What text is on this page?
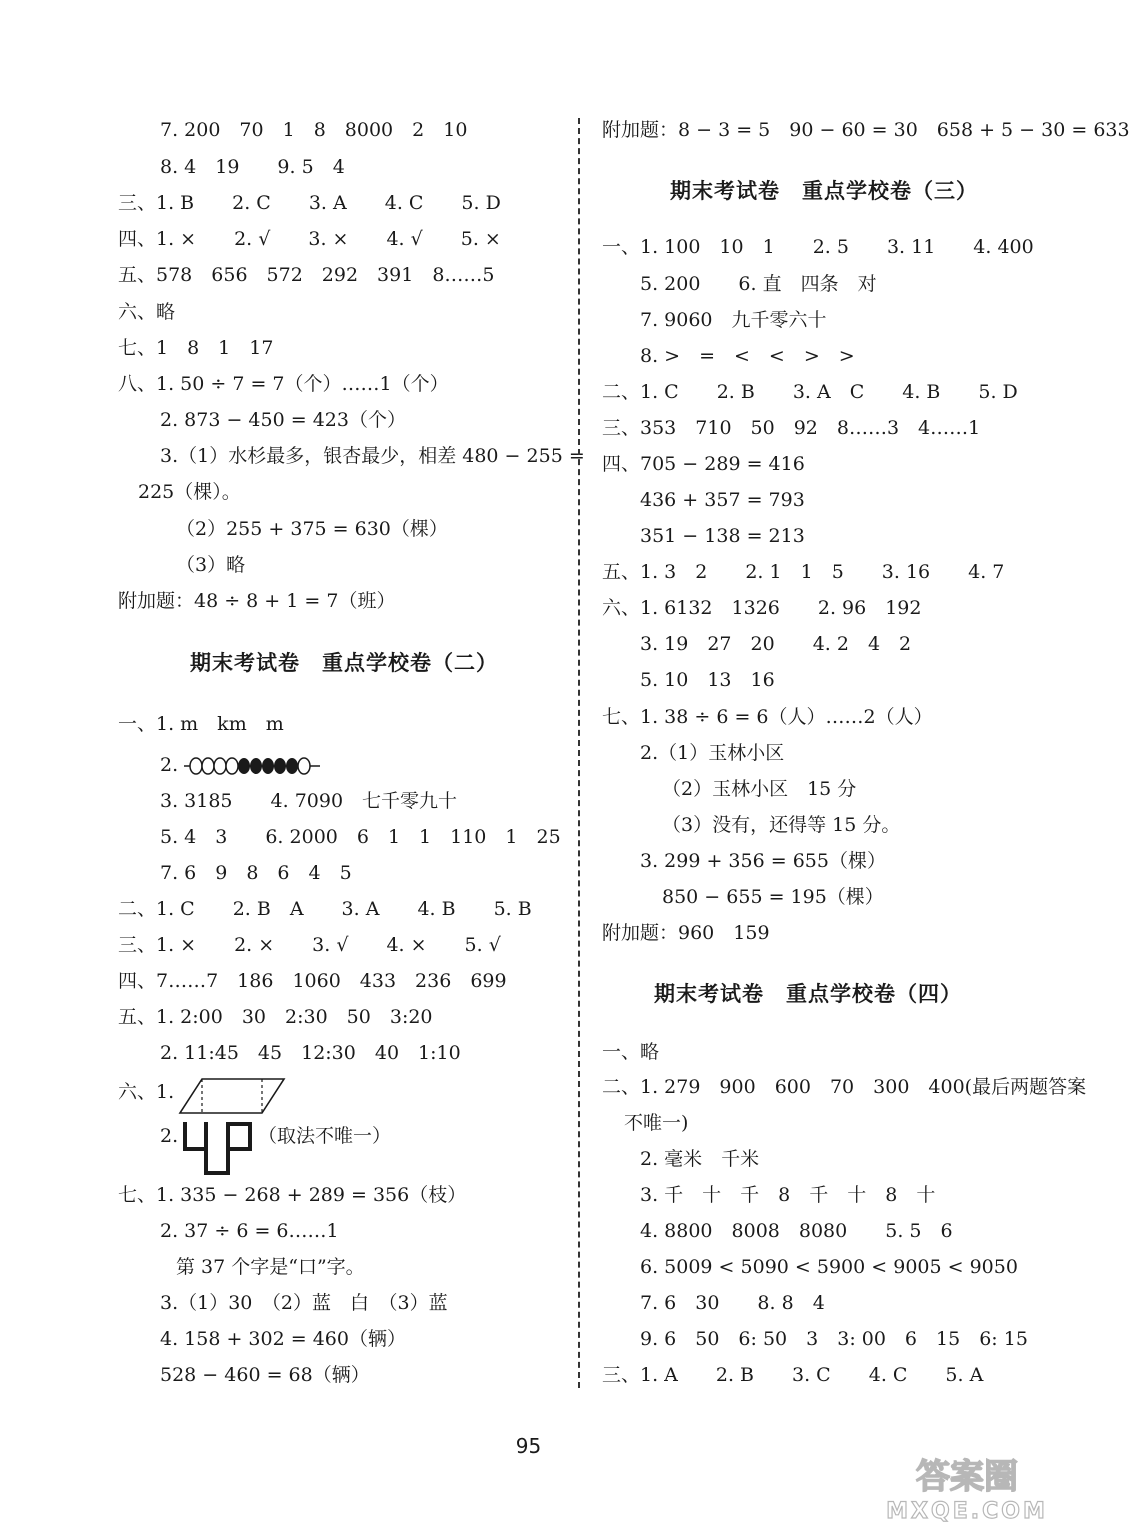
7. 200　70　1　8　8000　2　10
8. 4　19　　9. 5　4
三、1. B　　2. C　　3. A　　4. C　　5. D
四、1. ×　　2. √　　3. ×　　4. √　　5. ×
五、578　656　572　292　391　8……5
六、略
七、1　8　1　17
八、1. 50 ÷ 7 = 7（个）……1（个）
2. 873 − 450 = 423（个）
3.（1）水杉最多，银杏最少，相差 480 − 255 =
225（棵）。
（2）255 + 375 = 630（棵）
（3）略
附加题：48 ÷ 8 + 1 = 7（班）
期末考试卷　重点学校卷（二）
一、1. m　km　m
2.
3. 3185　　4. 7090　七千零九十
5. 4　3　　6. 2000　6　1　1　110　1　25
7. 6　9　8　6　4　5
二、1. C　　2. B　A　　3. A　　4. B　　5. B
三、1. ×　　2. ×　　3. √　　4. ×　　5. √
四、7……7　186　1060　433　236　699
五、1. 2:00　30　2:30　50　3:20
2. 11:45　45　12:30　40　1:10
六、1.
2.	（取法不唯一）
七、1. 335 − 268 + 289 = 356（枝）
2. 37 ÷ 6 = 6……1
第 37 个字是“口”字。
3.（1）30　（2）蓝　白　（3）蓝
4. 158 + 302 = 460（辆）
528 − 460 = 68（辆）
附加题：8 − 3 = 5　90 − 60 = 30　658 + 5 − 30 = 633
期末考试卷　重点学校卷（三）
一、1. 100　10　1　　2. 5　　3. 11　　4. 400
5. 200　　6. 直　四条　对
7. 9060　九千零六十
8. >　=　<　<　>　>
二、1. C　　2. B　　3. A　C　　4. B　　5. D
三、353　710　50　92　8……3　4……1
四、705 − 289 = 416
436 + 357 = 793
351 − 138 = 213
五、1. 3　2　　2. 1　1　5　　3. 16　　4. 7
六、1. 6132　1326　　2. 96　192
3. 19　27　20　　4. 2　4　2
5. 10　13　16
七、1. 38 ÷ 6 = 6（人）……2（人）
2.（1）玉林小区
（2）玉林小区　15 分
（3）没有，还得等 15 分。
3. 299 + 356 = 655（棵）
850 − 655 = 195（棵）
附加题：960　159
期末考试卷　重点学校卷（四）
一、略
二、1. 279　900　600　70　300　400(最后两题答案
不唯一)
2. 毫米　千米
3. 千　十　千　8　千　十　8　十
4. 8800　8008　8080　　5. 5　6
6. 5009 < 5090 < 5900 < 9005 < 9050
7. 6　30　　8. 8　4
9. 6　50　6: 50　3　3: 00　6　15　6: 15
三、1. A　　2. B　　3. C　　4. C　　5. A
95
答案圈
MXQE.COM
